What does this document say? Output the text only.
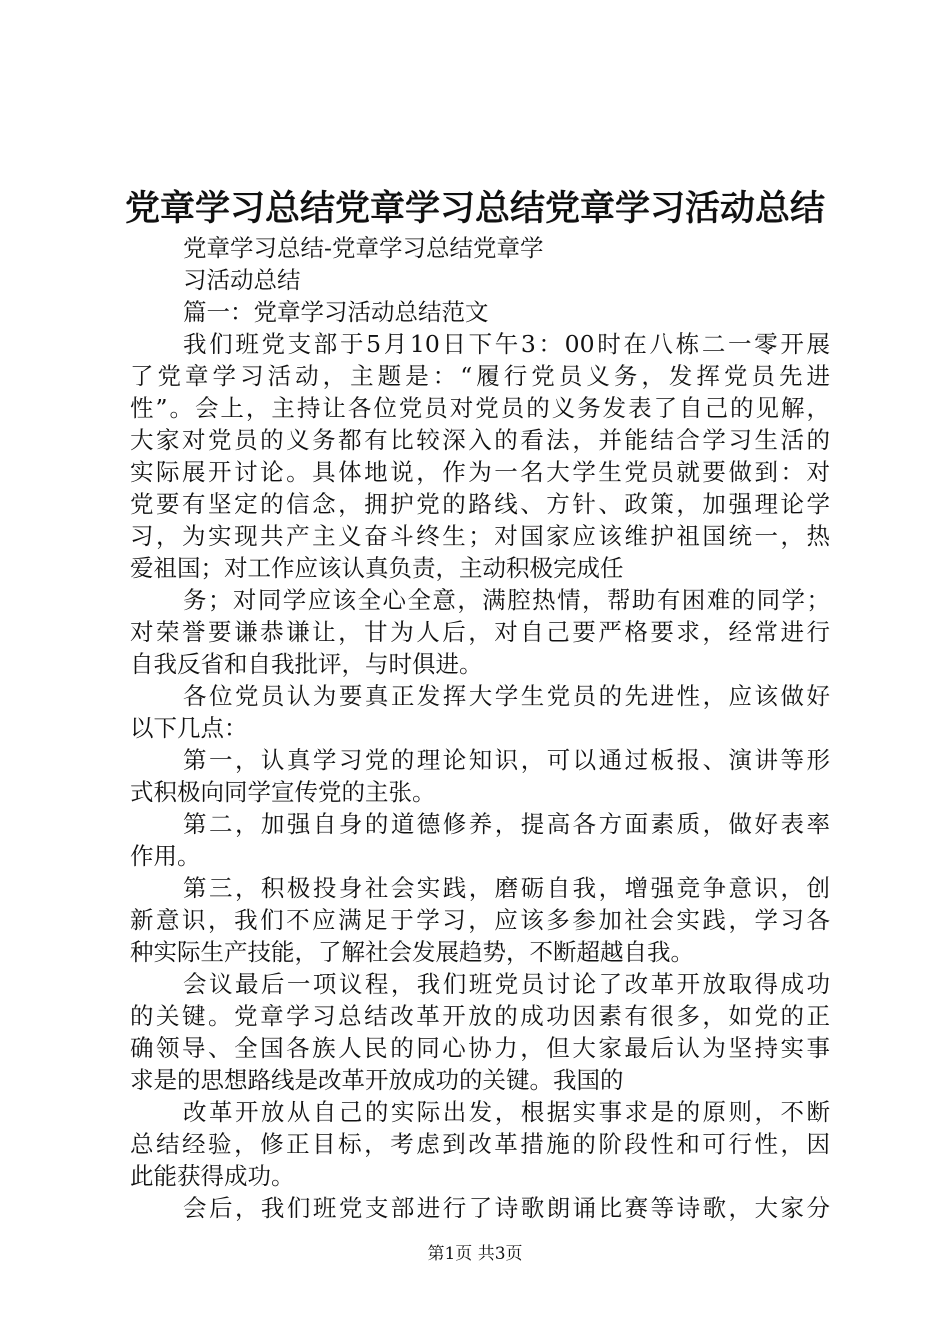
党章学习总结党章学习总结党章学习活动总结
党章学习总结-党章学习总结党章学
习活动总结
篇一：党章学习活动总结范文
我们班党支部于5月10日下午3：00时在八栋二一零开展
了党章学习活动，主题是：“履行党员义务，发挥党员先进
性”。会上，主持让各位党员对党员的义务发表了自己的见解，
大家对党员的义务都有比较深入的看法，并能结合学习生活的
实际展开讨论。具体地说，作为一名大学生党员就要做到：对
党要有坚定的信念，拥护党的路线、方针、政策，加强理论学
习，为实现共产主义奋斗终生；对国家应该维护祖国统一，热
爱祖国；对工作应该认真负责，主动积极完成任
务；对同学应该全心全意，满腔热情，帮助有困难的同学；
对荣誉要谦恭谦让，甘为人后，对自己要严格要求，经常进行
自我反省和自我批评，与时俱进。
各位党员认为要真正发挥大学生党员的先进性，应该做好
以下几点：
第一，认真学习党的理论知识，可以通过板报、演讲等形
式积极向同学宣传党的主张。
第二，加强自身的道德修养，提高各方面素质，做好表率
作用。
第三，积极投身社会实践，磨砺自我，增强竞争意识，创
新意识，我们不应满足于学习，应该多参加社会实践，学习各
种实际生产技能，了解社会发展趋势，不断超越自我。
会议最后一项议程，我们班党员讨论了改革开放取得成功
的关键。党章学习总结改革开放的成功因素有很多，如党的正
确领导、全国各族人民的同心协力，但大家最后认为坚持实事
求是的思想路线是改革开放成功的关键。我国的
改革开放从自己的实际出发，根据实事求是的原则，不断
总结经验，修正目标，考虑到改革措施的阶段性和可行性，因
此能获得成功。
会后，我们班党支部进行了诗歌朗诵比赛等诗歌，大家分
第1页 共3页
